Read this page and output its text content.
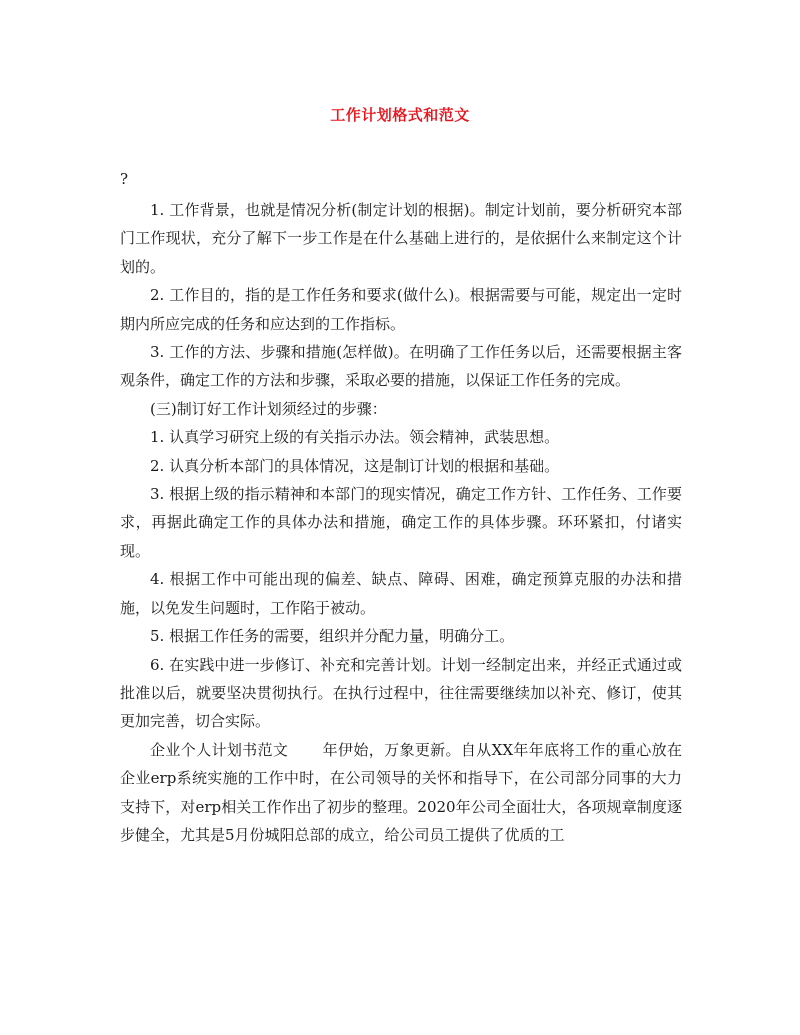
工作计划格式和范文
?

1. 工作背景，也就是情况分析(制定计划的根据)。制定计划前，要分析研究本部门工作现状，充分了解下一步工作是在什么基础上进行的，是依据什么来制定这个计划的。

2. 工作目的，指的是工作任务和要求(做什么)。根据需要与可能，规定出一定时期内所应完成的任务和应达到的工作指标。

3. 工作的方法、步骤和措施(怎样做)。在明确了工作任务以后，还需要根据主客观条件，确定工作的方法和步骤，采取必要的措施，以保证工作任务的完成。

(三)制订好工作计划须经过的步骤：

1. 认真学习研究上级的有关指示办法。领会精神，武装思想。

2. 认真分析本部门的具体情况，这是制订计划的根据和基础。

3. 根据上级的指示精神和本部门的现实情况，确定工作方针、工作任务、工作要求，再据此确定工作的具体办法和措施，确定工作的具体步骤。环环紧扣，付诸实现。

4. 根据工作中可能出现的偏差、缺点、障碍、困难，确定预算克服的办法和措施，以免发生问题时，工作陷于被动。

5. 根据工作任务的需要，组织并分配力量，明确分工。

6. 在实践中进一步修订、补充和完善计划。计划一经制定出来，并经正式通过或批准以后，就要坚决贯彻执行。在执行过程中，往往需要继续加以补充、修订，使其更加完善，切合实际。

企业个人计划书范文 年伊始，万象更新。自从XX年年底将工作的重心放在企业erp系统实施的工作中时，在公司领导的关怀和指导下，在公司部分同事的大力支持下，对erp相关工作作出了初步的整理。2020年公司全面壮大，各项规章制度逐步健全，尤其是5月份城阳总部的成立，给公司员工提供了优质的工
